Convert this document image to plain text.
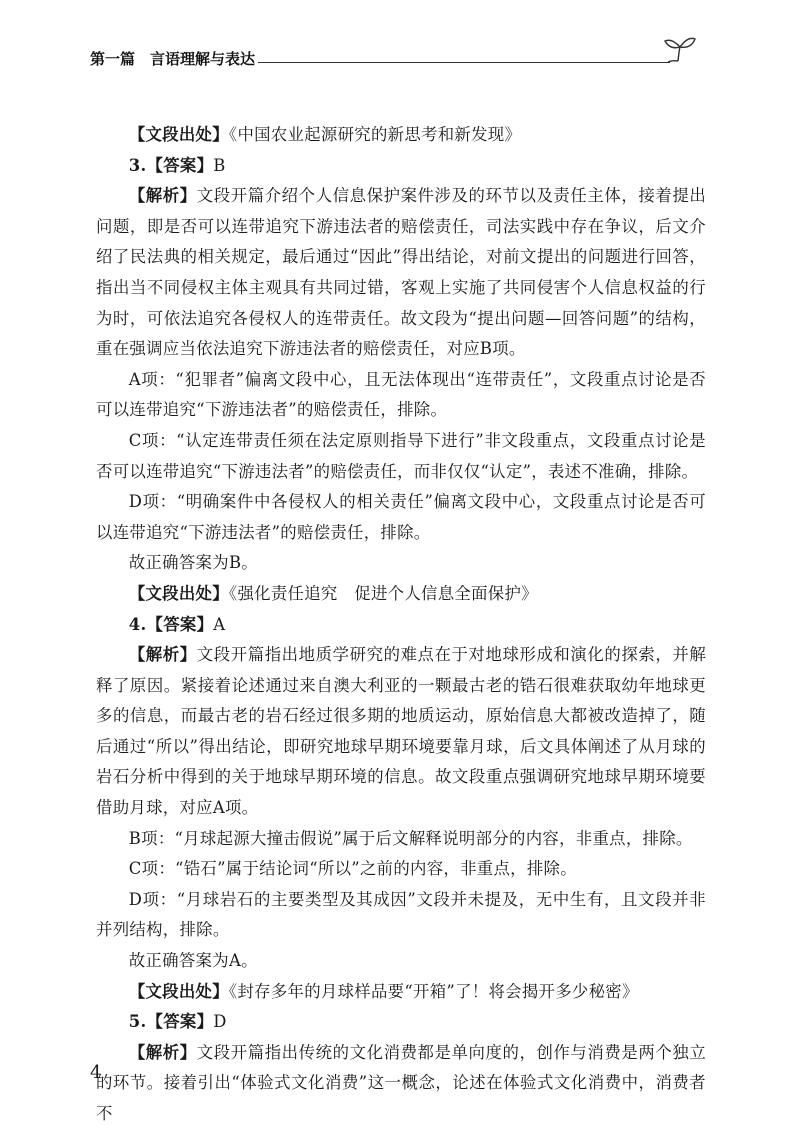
第一篇　言语理解与表达

【文段出处】《中国农业起源研究的新思考和新发现》

3.【答案】B

【解析】文段开篇介绍个人信息保护案件涉及的环节以及责任主体，接着提出问题，即是否可以连带追究下游违法者的赔偿责任，司法实践中存在争议，后文介绍了民法典的相关规定，最后通过“因此”得出结论，对前文提出的问题进行回答，指出当不同侵权主体主观具有共同过错，客观上实施了共同侵害个人信息权益的行为时，可依法追究各侵权人的连带责任。故文段为“提出问题—回答问题”的结构，重在强调应当依法追究下游违法者的赔偿责任，对应B项。

A项：“犯罪者”偏离文段中心，且无法体现出“连带责任”，文段重点讨论是否可以连带追究“下游违法者”的赔偿责任，排除。

C项：“认定连带责任须在法定原则指导下进行”非文段重点，文段重点讨论是否可以连带追究“下游违法者”的赔偿责任，而非仅仅“认定”，表述不准确，排除。

D项：“明确案件中各侵权人的相关责任”偏离文段中心，文段重点讨论是否可以连带追究“下游违法者”的赔偿责任，排除。

故正确答案为B。

【文段出处】《强化责任追究　促进个人信息全面保护》

4.【答案】A

【解析】文段开篇指出地质学研究的难点在于对地球形成和演化的探索，并解释了原因。紧接着论述通过来自澳大利亚的一颗最古老的锆石很难获取幼年地球更多的信息，而最古老的岩石经过很多期的地质运动，原始信息大都被改造掉了，随后通过“所以”得出结论，即研究地球早期环境要靠月球，后文具体阐述了从月球的岩石分析中得到的关于地球早期环境的信息。故文段重点强调研究地球早期环境要借助月球，对应A项。

B项：“月球起源大撞击假说”属于后文解释说明部分的内容，非重点，排除。

C项：“锆石”属于结论词“所以”之前的内容，非重点，排除。

D项：“月球岩石的主要类型及其成因”文段并未提及，无中生有，且文段并非并列结构，排除。

故正确答案为A。

【文段出处】《封存多年的月球样品要“开箱”了！将会揭开多少秘密》

5.【答案】D

【解析】文段开篇指出传统的文化消费都是单向度的，创作与消费是两个独立的环节。接着引出“体验式文化消费”这一概念，论述在体验式文化消费中，消费者不

4
